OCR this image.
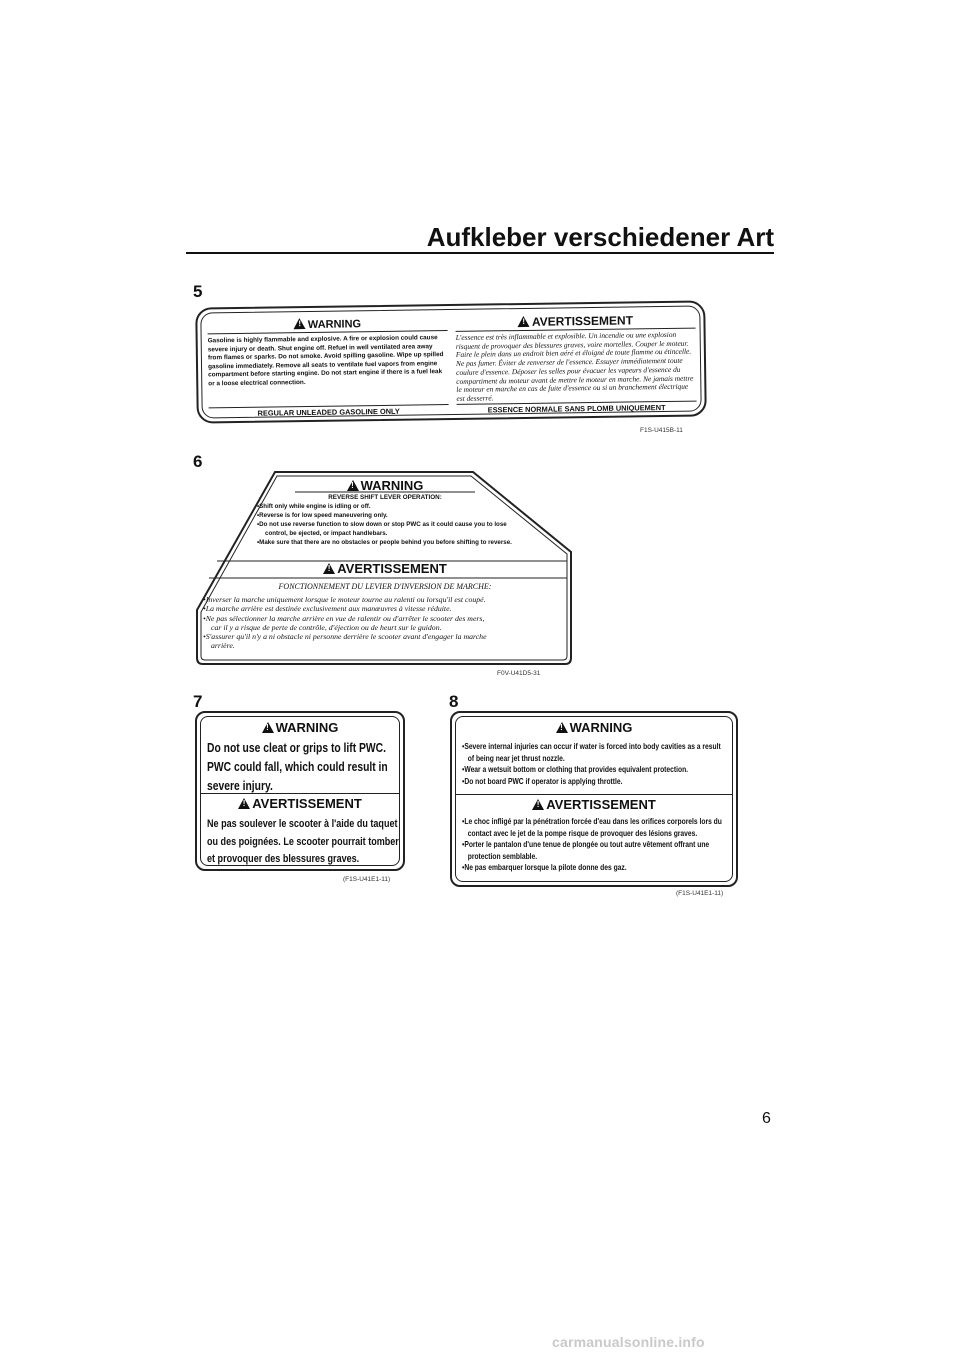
Aufkleber verschiedener Art
5
!WARNING
Gasoline is highly flammable and explosive. A fire or explosion could cause severe injury or death. Shut engine off. Refuel in well ventilated area away from flames or sparks. Do not smoke. Avoid spilling gasoline. Wipe up spilled gasoline immediately. Remove all seats to ventilate fuel vapors from engine compartment before starting engine. Do not start engine if there is a fuel leak or a loose electrical connection.
!AVERTISSEMENT
L'essence est très inflammable et explosible. Un incendie ou une explosion risquent de provoquer des blessures graves, voire mortelles. Couper le moteur. Faire le plein dans un endroit bien aéré et éloigné de toute flamme ou étincelle. Ne pas fumer. Éviter de renverser de l'essence. Essuyer immédiatement toute coulure d'essence. Déposer les selles pour évacuer les vapeurs d'essence du compartiment du moteur avant de mettre le moteur en marche. Ne jamais mettre le moteur en marche en cas de fuite d'essence ou si un branchement électrique est desserré.
REGULAR UNLEADED GASOLINE ONLY	ESSENCE NORMALE SANS PLOMB UNIQUEMENT
F1S-U415B-11
6
!WARNING
REVERSE SHIFT LEVER OPERATION:
•Shift only while engine is idling or off.
•Reverse is for low speed maneuvering only.
•Do not use reverse function to slow down or stop PWC as it could cause you to lose
control, be ejected, or impact handlebars.
•Make sure that there are no obstacles or people behind you before shifting to reverse.
!AVERTISSEMENT
FONCTIONNEMENT DU LEVIER D'INVERSION DE MARCHE:
•Inverser la marche uniquement lorsque le moteur tourne au ralenti ou lorsqu'il est coupé.
•La marche arrière est destinée exclusivement aux manœuvres à vitesse réduite.
•Ne pas sélectionner la marche arrière en vue de ralentir ou d'arrêter le scooter des mers,
car il y a risque de perte de contrôle, d'éjection ou de heurt sur le guidon.
•S'assurer qu'il n'y a ni obstacle ni personne derrière le scooter avant d'engager la marche
arrière.
F0V-U41D5-31
7
!WARNING
Do not use cleat or grips to lift PWC.
PWC could fall, which could result in
severe injury.
!AVERTISSEMENT
Ne pas soulever le scooter à l'aide du taquet
ou des poignées. Le scooter pourrait tomber
et provoquer des blessures graves.
(F1S-U41E1-11)
8
!WARNING
•Severe internal injuries can occur if water is forced into body cavities as a result
of being near jet thrust nozzle.
•Wear a wetsuit bottom or clothing that provides equivalent protection.
•Do not board PWC if operator is applying throttle.
!AVERTISSEMENT
•Le choc infligé par la pénétration forcée d'eau dans les orifices corporels lors du
contact avec le jet de la pompe risque de provoquer des lésions graves.
•Porter le pantalon d'une tenue de plongée ou tout autre vêtement offrant une
protection semblable.
•Ne pas embarquer lorsque la pilote donne des gaz.
(F1S-U41E1-11)
6
carmanualsonline.info
